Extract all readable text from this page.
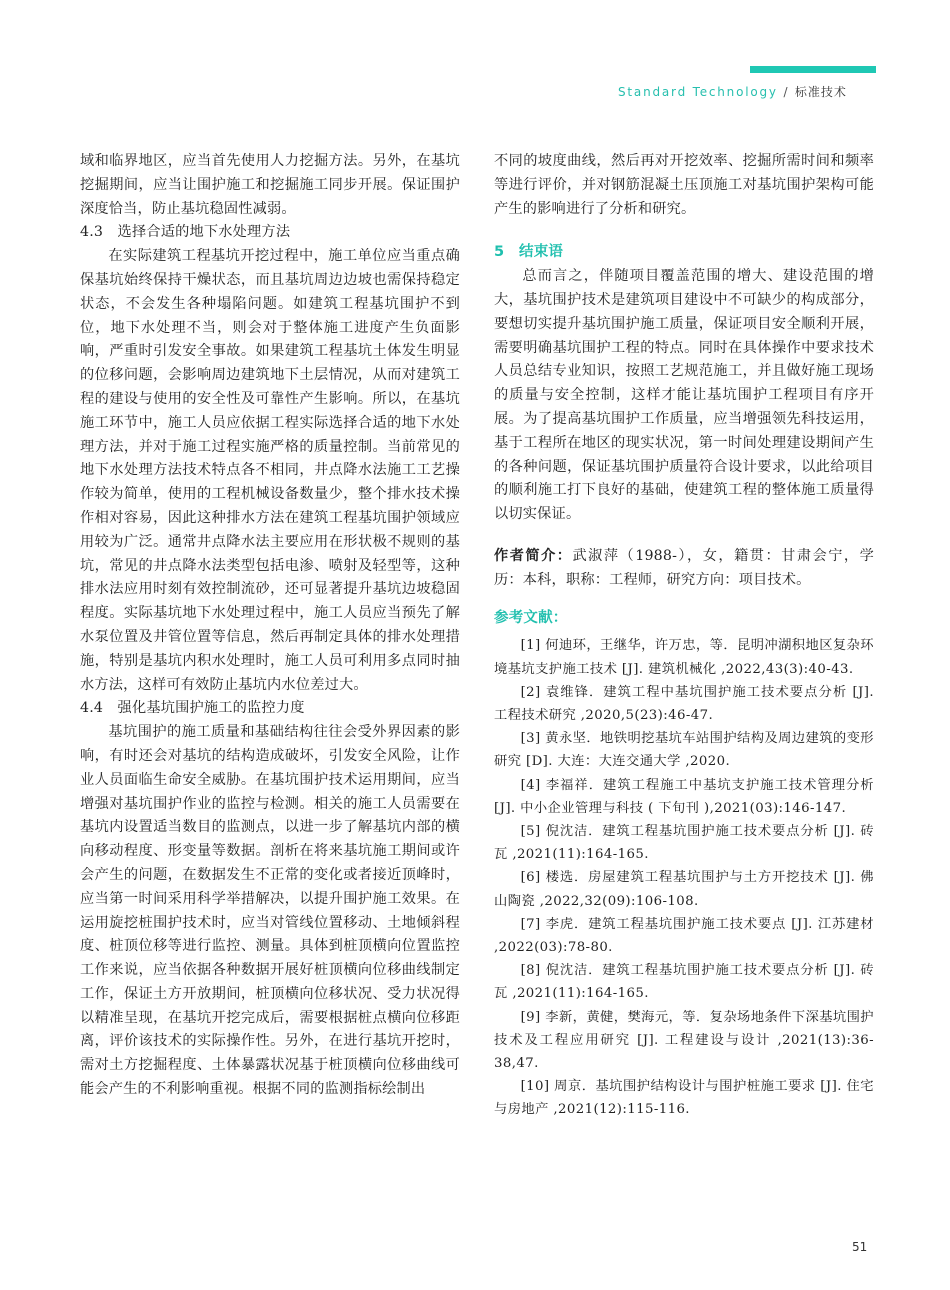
Standard Technology / 标准技术

域和临界地区，应当首先使用人力挖掘方法。另外，在基坑挖掘期间，应当让围护施工和挖掘施工同步开展。保证围护深度恰当，防止基坑稳固性减弱。

4.3　选择合适的地下水处理方法

在实际建筑工程基坑开挖过程中，施工单位应当重点确保基坑始终保持干燥状态，而且基坑周边边坡也需保持稳定状态，不会发生各种塌陷问题。如建筑工程基坑围护不到位，地下水处理不当，则会对于整体施工进度产生负面影响，严重时引发安全事故。如果建筑工程基坑土体发生明显的位移问题，会影响周边建筑地下土层情况，从而对建筑工程的建设与使用的安全性及可靠性产生影响。所以，在基坑施工环节中，施工人员应依据工程实际选择合适的地下水处理方法，并对于施工过程实施严格的质量控制。当前常见的地下水处理方法技术特点各不相同，井点降水法施工工艺操作较为简单，使用的工程机械设备数量少，整个排水技术操作相对容易，因此这种排水方法在建筑工程基坑围护领域应用较为广泛。通常井点降水法主要应用在形状极不规则的基坑，常见的井点降水法类型包括电渗、喷射及轻型等，这种排水法应用时刻有效控制流砂，还可显著提升基坑边坡稳固程度。实际基坑地下水处理过程中，施工人员应当预先了解水泵位置及井管位置等信息，然后再制定具体的排水处理措施，特别是基坑内积水处理时，施工人员可利用多点同时抽水方法，这样可有效防止基坑内水位差过大。

4.4　强化基坑围护施工的监控力度

基坑围护的施工质量和基础结构往往会受外界因素的影响，有时还会对基坑的结构造成破坏，引发安全风险，让作业人员面临生命安全威胁。在基坑围护技术运用期间，应当增强对基坑围护作业的监控与检测。相关的施工人员需要在基坑内设置适当数目的监测点，以进一步了解基坑内部的横向移动程度、形变量等数据。剖析在将来基坑施工期间或许会产生的问题，在数据发生不正常的变化或者接近顶峰时，应当第一时间采用科学举措解决，以提升围护施工效果。在运用旋挖桩围护技术时，应当对管线位置移动、土地倾斜程度、桩顶位移等进行监控、测量。具体到桩顶横向位置监控工作来说，应当依据各种数据开展好桩顶横向位移曲线制定工作，保证土方开放期间，桩顶横向位移状况、受力状况得以精准呈现，在基坑开挖完成后，需要根据桩点横向位移距离，评价该技术的实际操作性。另外，在进行基坑开挖时，需对土方挖掘程度、土体暴露状况基于桩顶横向位移曲线可能会产生的不利影响重视。根据不同的监测指标绘制出

不同的坡度曲线，然后再对开挖效率、挖掘所需时间和频率等进行评价，并对钢筋混凝土压顶施工对基坑围护架构可能产生的影响进行了分析和研究。

5　结束语

总而言之，伴随项目覆盖范围的增大、建设范围的增大，基坑围护技术是建筑项目建设中不可缺少的构成部分，要想切实提升基坑围护施工质量，保证项目安全顺利开展，需要明确基坑围护工程的特点。同时在具体操作中要求技术人员总结专业知识，按照工艺规范施工，并且做好施工现场的质量与安全控制，这样才能让基坑围护工程项目有序开展。为了提高基坑围护工作质量，应当增强领先科技运用，基于工程所在地区的现实状况，第一时间处理建设期间产生的各种问题，保证基坑围护质量符合设计要求，以此给项目的顺利施工打下良好的基础，使建筑工程的整体施工质量得以切实保证。

作者简介：武淑萍（1988-），女，籍贯：甘肃会宁，学历：本科，职称：工程师，研究方向：项目技术。

参考文献：

[1] 何迪环，王继华，许万忠，等．昆明冲湖积地区复杂环境基坑支护施工技术 [J]. 建筑机械化 ,2022,43(3):40-43.

[2] 袁维锋．建筑工程中基坑围护施工技术要点分析 [J]. 工程技术研究 ,2020,5(23):46-47.

[3] 黄永坚．地铁明挖基坑车站围护结构及周边建筑的变形研究 [D]. 大连：大连交通大学 ,2020.

[4] 李福祥．建筑工程施工中基坑支护施工技术管理分析 [J]. 中小企业管理与科技 ( 下旬刊 ),2021(03):146-147.

[5] 倪沈洁．建筑工程基坑围护施工技术要点分析 [J]. 砖瓦 ,2021(11):164-165.

[6] 楼选．房屋建筑工程基坑围护与土方开挖技术 [J]. 佛山陶瓷 ,2022,32(09):106-108.

[7] 李虎．建筑工程基坑围护施工技术要点 [J]. 江苏建材 ,2022(03):78-80.

[8] 倪沈洁．建筑工程基坑围护施工技术要点分析 [J]. 砖瓦 ,2021(11):164-165.

[9] 李新，黄健，樊海元，等．复杂场地条件下深基坑围护技术及工程应用研究 [J]. 工程建设与设计 ,2021(13):36-38,47.

[10] 周京．基坑围护结构设计与围护桩施工要求 [J]. 住宅与房地产 ,2021(12):115-116.

51
